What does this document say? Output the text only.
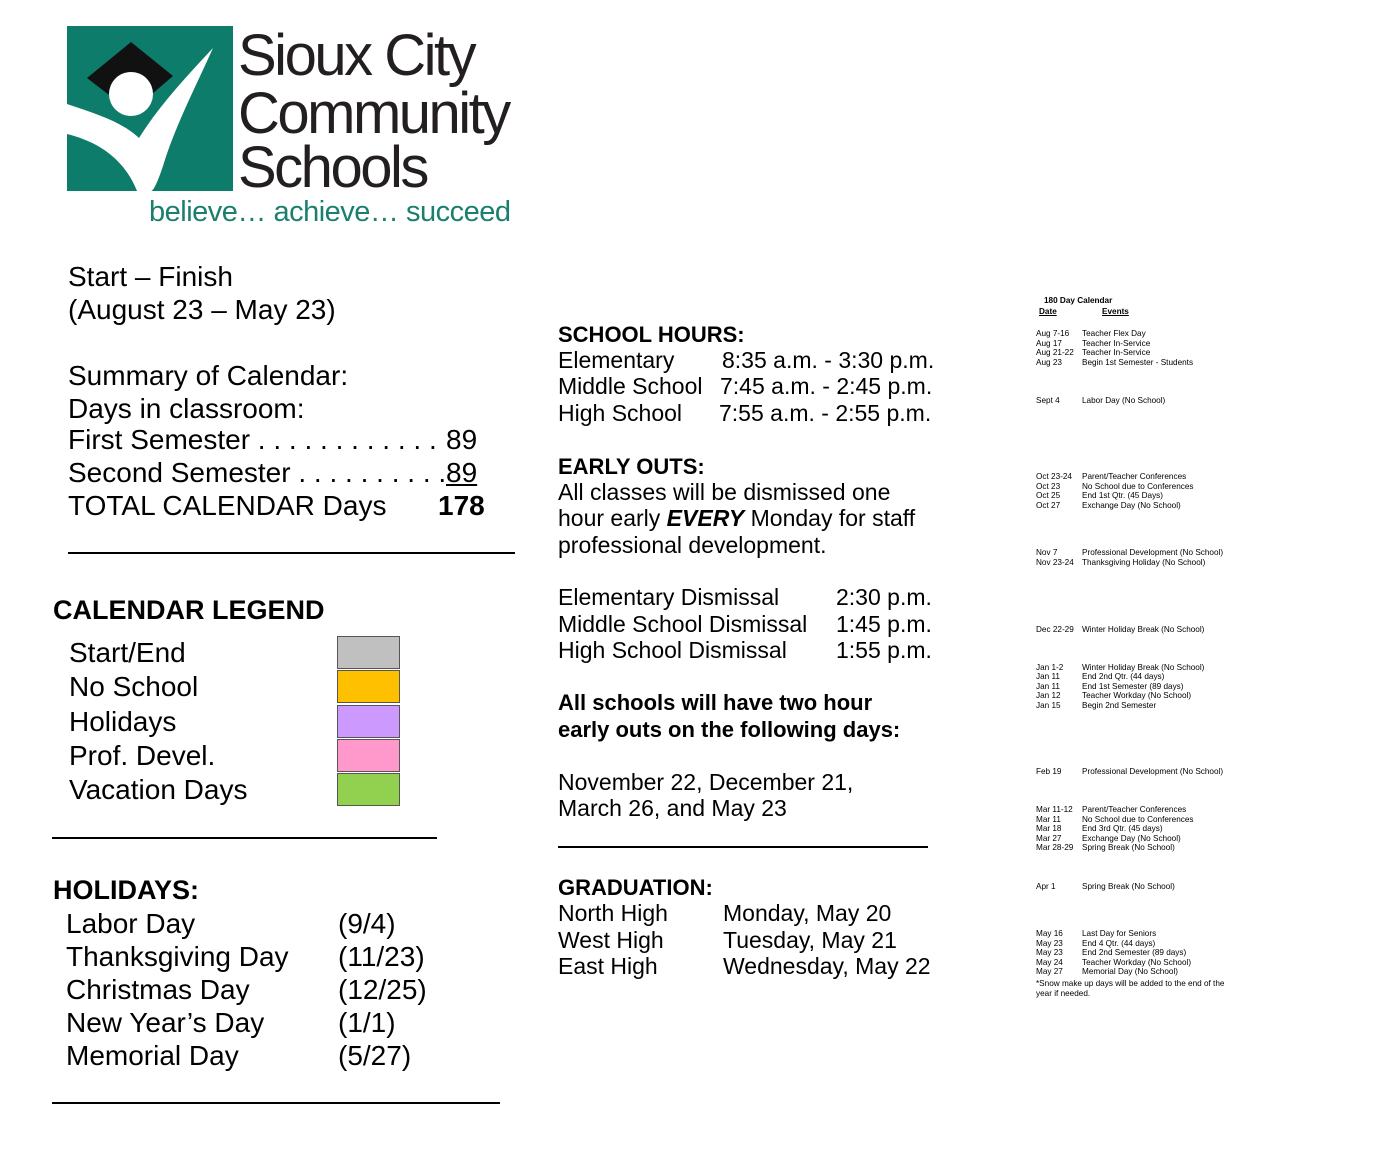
Sioux City
Community
Schools
believe… achieve… succeed
Start – Finish
(August 23 – May 23)
Summary of Calendar:
Days in classroom:
First Semester . . . . . . . . . . . . 89
Second Semester . . . . . . . . . . 89
TOTAL CALENDAR Days 178
CALENDAR LEGEND
Start/End
No School
Holidays
Prof. Devel.
Vacation Days
HOLIDAYS:
Labor Day	(9/4)
Thanksgiving Day (11/23)
Christmas Day	(12/25)
New Year’s Day	(1/1)
Memorial Day	(5/27)
SCHOOL HOURS:
Elementary 8:35 a.m. - 3:30 p.m.
Middle School 7:45 a.m. - 2:45 p.m.
High School 7:55 a.m. - 2:55 p.m.
EARLY OUTS:
All classes will be dismissed one
hour early EVERY Monday for staff
professional development.
Elementary Dismissal 2:30 p.m.
Middle School Dismissal 1:45 p.m.
High School Dismissal 1:55 p.m.
All schools will have two hour
early outs on the following days:
November 22, December 21,
March 26, and May 23
GRADUATION:
North High Monday, May 20
West High	Tuesday, May 21
East High	Wednesday, May 22
180 Day Calendar
Date	Events
Aug 7-16 Teacher Flex Day
Aug 17 Teacher In-Service
Aug 21-22 Teacher In-Service
Aug 23 Begin 1st Semester - Students
Sept 4	Labor Day (No School)
Oct 23-24 Parent/Teacher Conferences
Oct 23	No School due to Conferences
Oct 25	End 1st Qtr. (45 Days)
Oct 27	Exchange Day (No School)
Nov 7	Professional Development (No School)
Nov 23-24 Thanksgiving Holiday (No School)
Dec 22-29 Winter Holiday Break (No School)
Jan 1-2 Winter Holiday Break (No School)
Jan 11	End 2nd Qtr. (44 days)
Jan 11	End 1st Semester (89 days)
Jan 12	Teacher Workday (No School)
Jan 15	Begin 2nd Semester
Feb 19	Professional Development (No School)
Mar 11-12 Parent/Teacher Conferences
Mar 11	No School due to Conferences
Mar 18	End 3rd Qtr. (45 days)
Mar 27	Exchange Day (No School)
Mar 28-29 Spring Break (No School)
Apr 1	Spring Break (No School)
May 16 Last Day for Seniors
May 23 End 4 Qtr. (44 days)
May 23 End 2nd Semester (89 days)
May 24 Teacher Workday (No School)
May 27 Memorial Day (No School)
*Snow make up days will be added to the end of the
year if needed.
